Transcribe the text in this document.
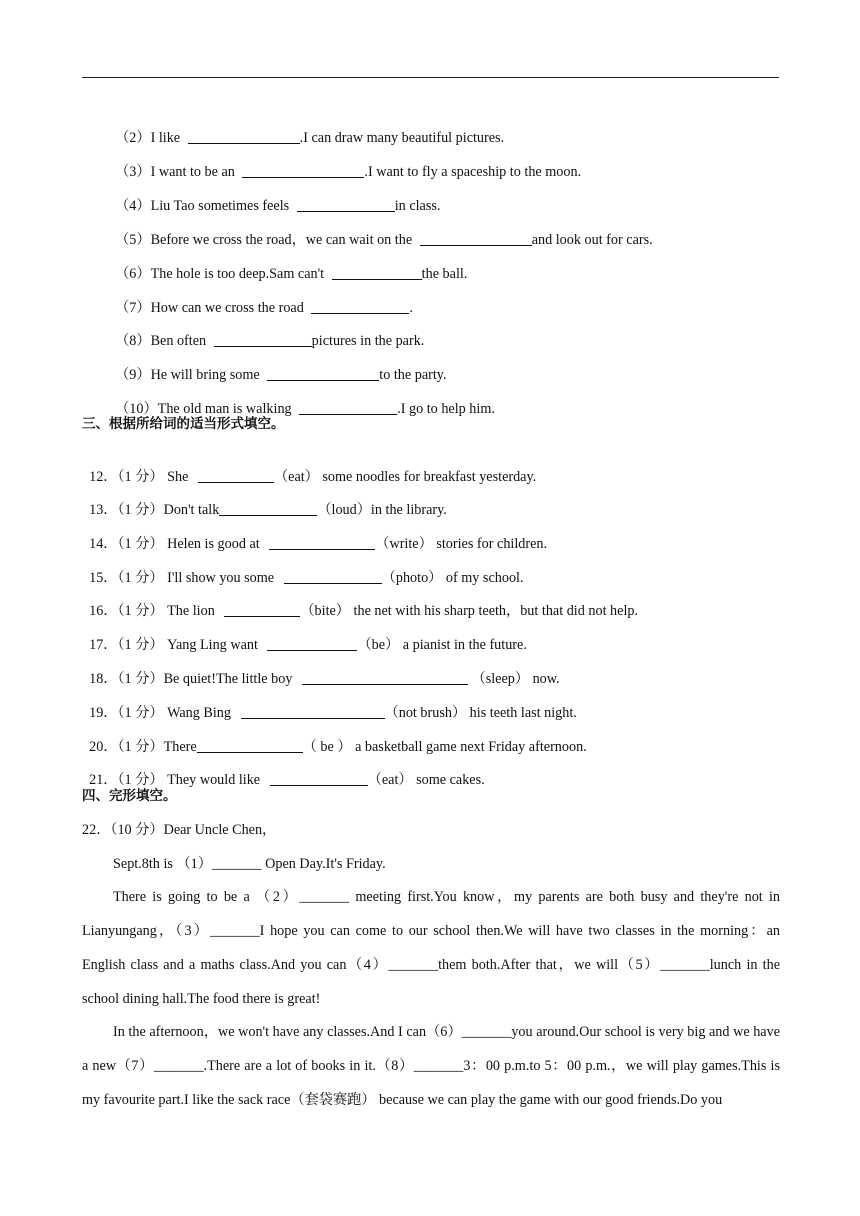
（2）I like	.I can draw many beautiful pictures.

（3）I want to be an	.I want to fly a spaceship to the moon.

（4）Liu Tao sometimes feels	in class.

（5）Before we cross the road，we can wait on the	and look out for cars.

（6）The hole is too deep.Sam can't	the ball.

（7）How can we cross the road	.

（8）Ben often	pictures in the park.

（9）He will bring some	to the party.

（10）The old man is walking	.I go to help him.

三、根据所给词的适当形式填空。

12．（1 分） She	（eat） some noodles for breakfast yesterday.

13．（1 分）Don't talk	（loud）in the library.

14．（1 分） Helen is good at	（write） stories for children.

15．（1 分） I'll show you some	（photo） of my school.

16．（1 分） The lion	（bite） the net with his sharp teeth，but that did not help.

17．（1 分） Yang Ling want	（be） a pianist in the future.

18．（1 分）Be quiet!The little boy	（sleep） now.

19．（1 分） Wang Bing	（not brush） his teeth last night.

20．（1 分）There	（ be ） a basketball game next Friday afternoon.

21．（1 分） They would like	（eat） some cakes.

四、完形填空。
22．（10 分）Dear Uncle Chen，
Sept.8th is （1）_______ Open Day.It's Friday.
There is going to be a （2）_______ meeting first.You know，my parents are both busy and they're not in Lianyungang，（3）_______I hope you can come to our school then.We will have two classes in the morning：an English class and a maths class.And you can（4）_______them both.After that，we will（5）_______lunch in the school dining hall.The food there is great!
In the afternoon，we won't have any classes.And I can（6）_______you around.Our school is very big and we have a new（7）_______.There are a lot of books in it.（8）_______3：00 p.m.to 5：00 p.m.，we will play games.This is my favourite part.I like the sack race（套袋赛跑） because we can play the game with our good friends.Do you
